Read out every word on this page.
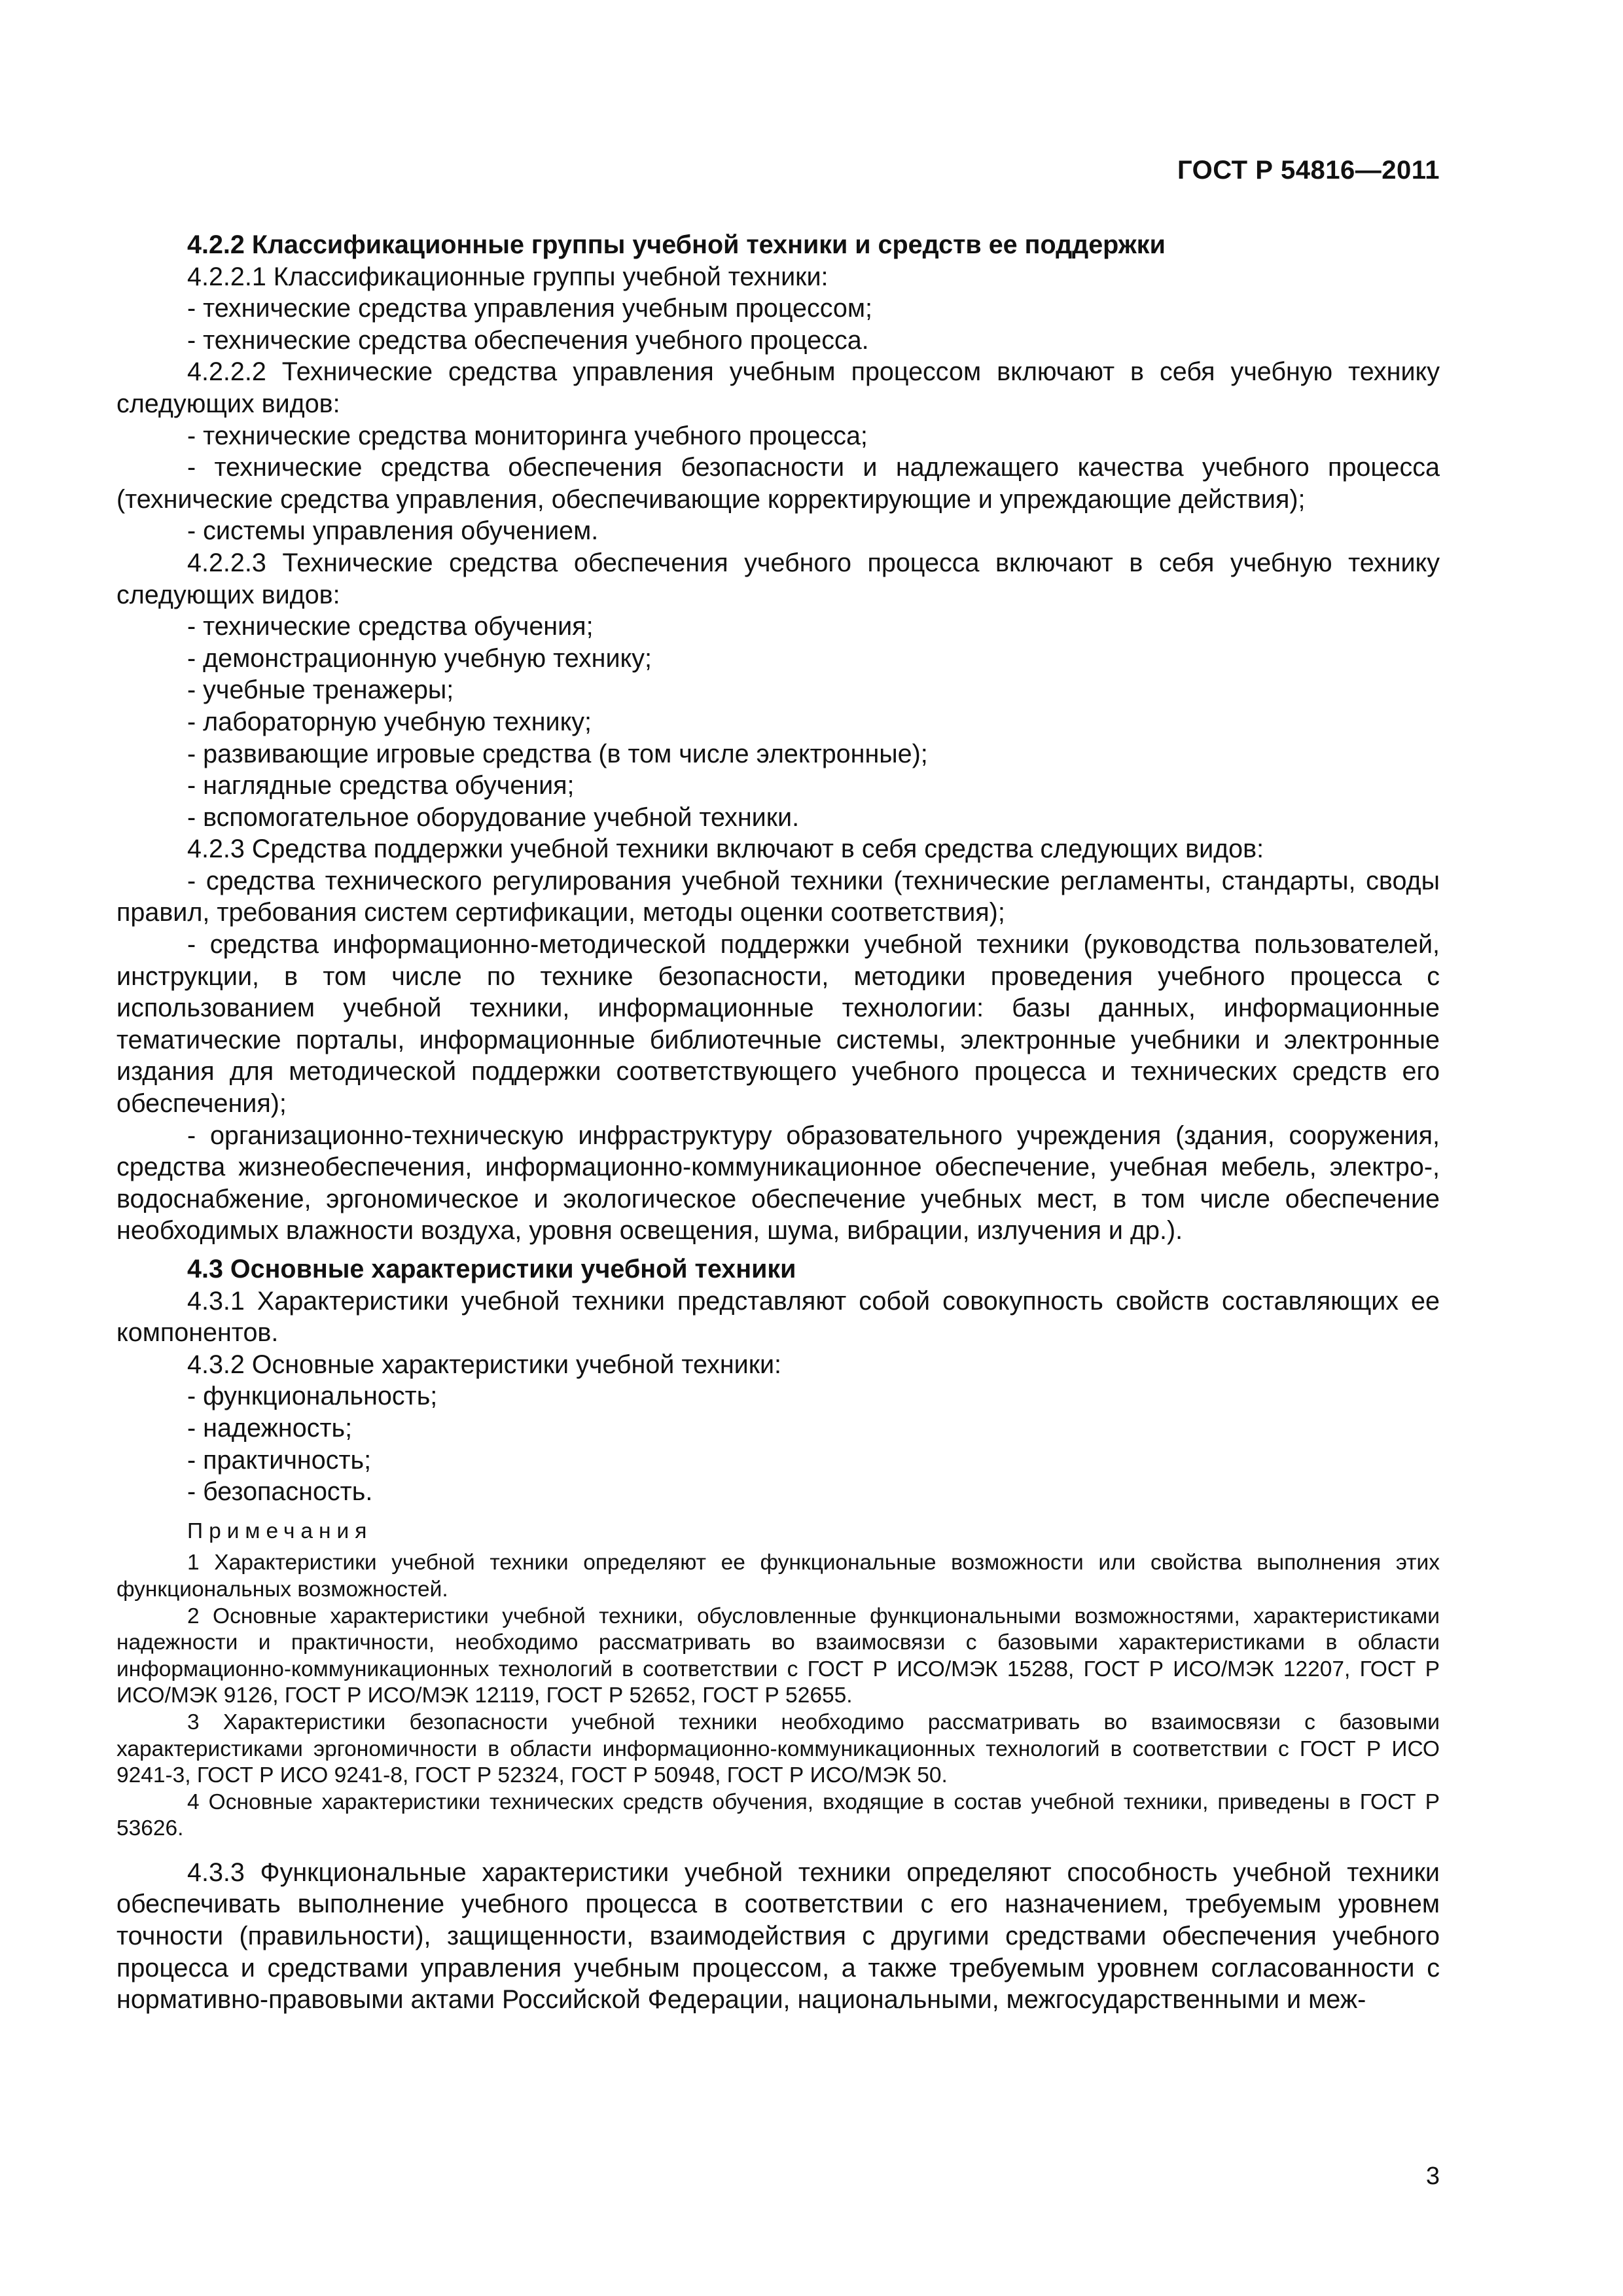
ГОСТ Р 54816—2011

4.2.2 Классификационные группы учебной техники и средств ее поддержки

4.2.2.1 Классификационные группы учебной техники:

- технические средства управления учебным процессом;

- технические средства обеспечения учебного процесса.

4.2.2.2 Технические средства управления учебным процессом включают в себя учебную технику следующих видов:

- технические средства мониторинга учебного процесса;

- технические средства обеспечения безопасности и надлежащего качества учебного процесса (технические средства управления, обеспечивающие корректирующие и упреждающие действия);

- системы управления обучением.

4.2.2.3 Технические средства обеспечения учебного процесса включают в себя учебную технику следующих видов:

- технические средства обучения;

- демонстрационную учебную технику;

- учебные тренажеры;

- лабораторную учебную технику;

- развивающие игровые средства (в том числе электронные);

- наглядные средства обучения;

- вспомогательное оборудование учебной техники.

4.2.3 Средства поддержки учебной техники включают в себя средства следующих видов:

- средства технического регулирования учебной техники (технические регламенты, стандарты, своды правил, требования систем сертификации, методы оценки соответствия);

- средства информационно-методической поддержки учебной техники (руководства пользователей, инструкции, в том числе по технике безопасности, методики проведения учебного процесса с использованием учебной техники, информационные технологии: базы данных, информационные тематические порталы, информационные библиотечные системы, электронные учебники и электронные издания для методической поддержки соответствующего учебного процесса и технических средств его обеспечения);

- организационно-техническую инфраструктуру образовательного учреждения (здания, сооружения, средства жизнеобеспечения, информационно-коммуникационное обеспечение, учебная мебель, электро-, водоснабжение, эргономическое и экологическое обеспечение учебных мест, в том числе обеспечение необходимых влажности воздуха, уровня освещения, шума, вибрации, излучения и др.).

4.3 Основные характеристики учебной техники

4.3.1 Характеристики учебной техники представляют собой совокупность свойств составляющих ее компонентов.

4.3.2 Основные характеристики учебной техники:

- функциональность;

- надежность;

- практичность;

- безопасность.

Примечания

1 Характеристики учебной техники определяют ее функциональные возможности или свойства выполнения этих функциональных возможностей.

2 Основные характеристики учебной техники, обусловленные функциональными возможностями, характеристиками надежности и практичности, необходимо рассматривать во взаимосвязи с базовыми характеристиками в области информационно-коммуникационных технологий в соответствии с ГОСТ Р ИСО/МЭК 15288, ГОСТ Р ИСО/МЭК 12207, ГОСТ Р ИСО/МЭК 9126, ГОСТ Р ИСО/МЭК 12119, ГОСТ Р 52652, ГОСТ Р 52655.

3 Характеристики безопасности учебной техники необходимо рассматривать во взаимосвязи с базовыми характеристиками эргономичности в области информационно-коммуникационных технологий в соответствии с ГОСТ Р ИСО 9241-3, ГОСТ Р ИСО 9241-8, ГОСТ Р 52324, ГОСТ Р 50948, ГОСТ Р ИСО/МЭК 50.

4 Основные характеристики технических средств обучения, входящие в состав учебной техники, приведены в ГОСТ Р 53626.

4.3.3 Функциональные характеристики учебной техники определяют способность учебной техники обеспечивать выполнение учебного процесса в соответствии с его назначением, требуемым уровнем точности (правильности), защищенности, взаимодействия с другими средствами обеспечения учебного процесса и средствами управления учебным процессом, а также требуемым уровнем согласованности с нормативно-правовыми актами Российской Федерации, национальными, межгосударственными и меж-

3
